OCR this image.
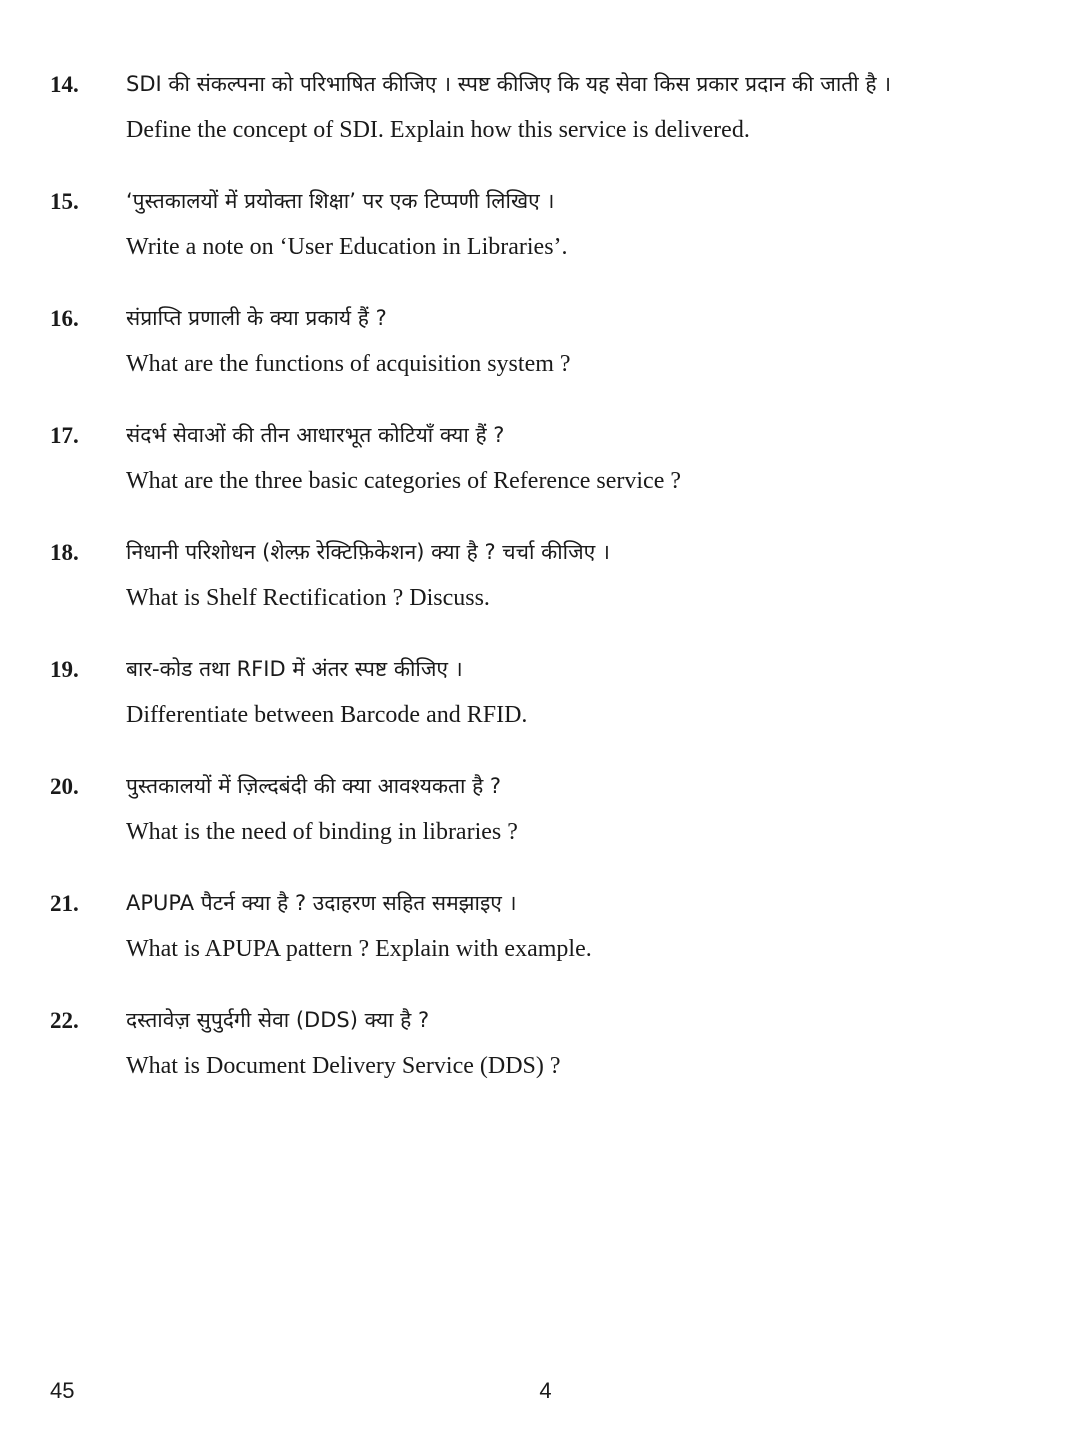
14.	SDI की संकल्पना को परिभाषित कीजिए । स्पष्ट कीजिए कि यह सेवा किस प्रकार प्रदान की जाती है ।

Define the concept of SDI. Explain how this service is delivered.

15.	‘पुस्तकालयों में प्रयोक्ता शिक्षा’ पर एक टिप्पणी लिखिए ।

Write a note on ‘User Education in Libraries’.

16.	संप्राप्ति प्रणाली के क्या प्रकार्य हैं ?

What are the functions of acquisition system ?

17.	संदर्भ सेवाओं की तीन आधारभूत कोटियाँ क्या हैं ?

What are the three basic categories of Reference service ?

18.	निधानी परिशोधन (शेल्फ़ रेक्टिफ़िकेशन) क्या है ? चर्चा कीजिए ।

What is Shelf Rectification ? Discuss.

19.	बार-कोड तथा RFID में अंतर स्पष्ट कीजिए ।

Differentiate between Barcode and RFID.

20.	पुस्तकालयों में ज़िल्दबंदी की क्या आवश्यकता है ?

What is the need of binding in libraries ?

21.	APUPA पैटर्न क्या है ? उदाहरण सहित समझाइए ।

What is APUPA pattern ? Explain with example.

22.	दस्तावेज़ सुपुर्दगी सेवा (DDS) क्या है ?

What is Document Delivery Service (DDS) ?

45	4
